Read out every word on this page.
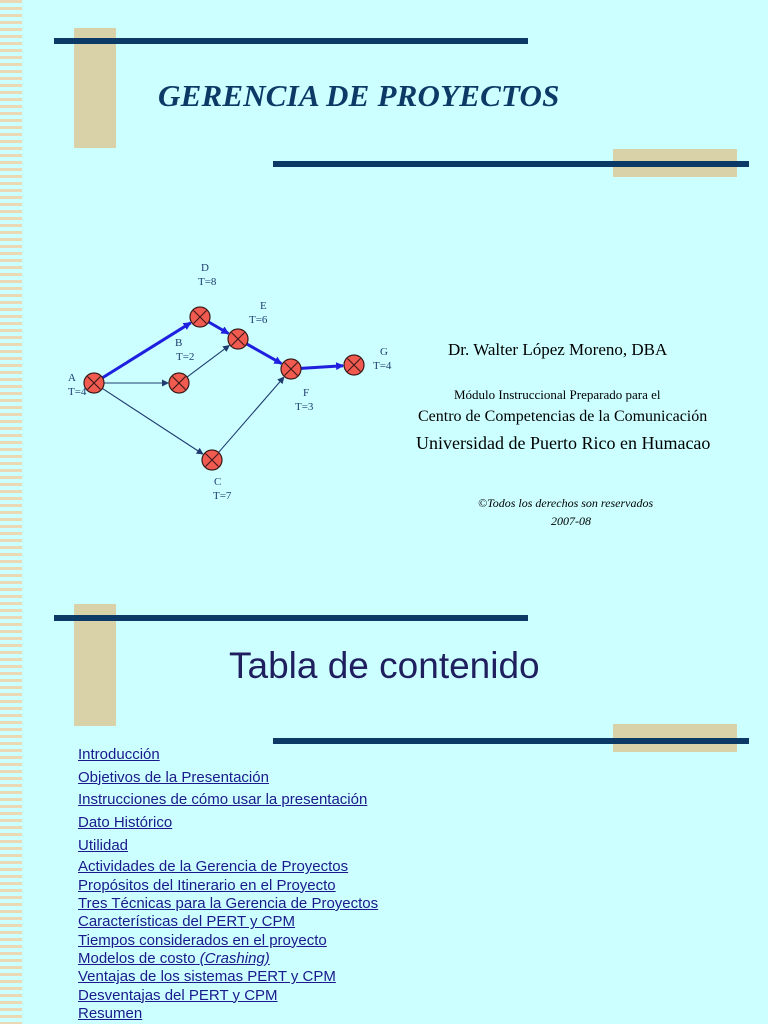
GERENCIA DE PROYECTOS
A
T=4
B
T=2
C
T=7
D
T=8
E
T=6
F
T=3
G
T=4
Dr. Walter López Moreno, DBA
Módulo Instruccional Preparado para el
Centro de Competencias de la Comunicación
Universidad de Puerto Rico en Humacao
©Todos los derechos son reservados
2007-08
Tabla de contenido
Introducción
Objetivos de la Presentación
Instrucciones de cómo usar la presentación
Dato Histórico
Utilidad
Actividades de la Gerencia de Proyectos
Propósitos del Itinerario en el Proyecto
Tres Técnicas para la Gerencia de Proyectos
Características del PERT y CPM
Tiempos considerados en el proyecto
Modelos de costo (Crashing)
Ventajas de los sistemas PERT y CPM
Desventajas del PERT y CPM
Resumen
